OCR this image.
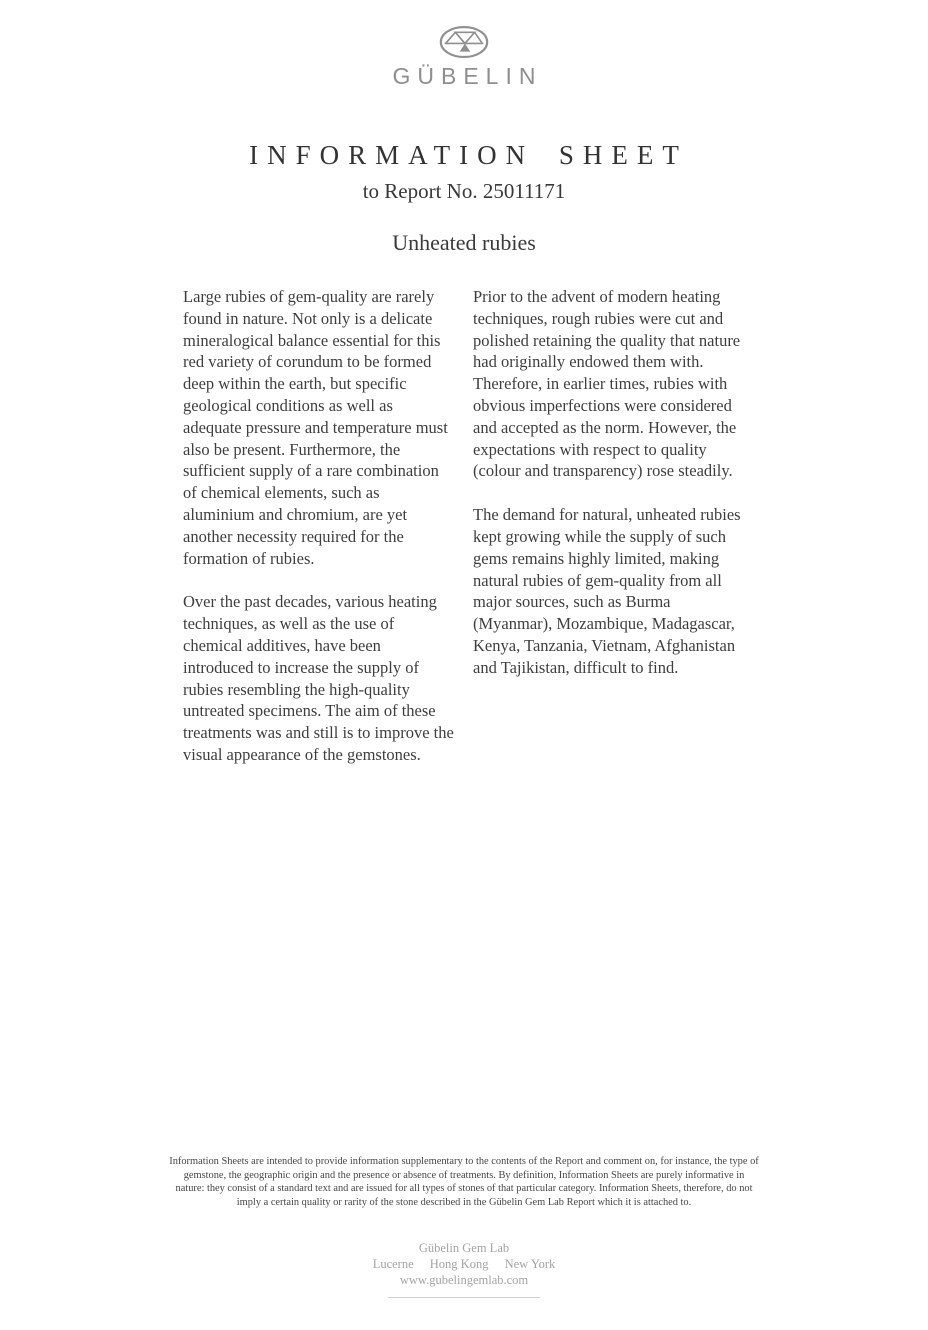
GÜBELIN
INFORMATION SHEET
to Report No. 25011171
Unheated rubies

Large rubies of gem-quality are rarely found in nature. Not only is a delicate mineralogical balance essential for this red variety of corundum to be formed deep within the earth, but specific geological conditions as well as adequate pressure and temperature must also be present. Furthermore, the sufficient supply of a rare combination of chemical elements, such as aluminium and chromium, are yet another necessity required for the formation of rubies.

Over the past decades, various heating techniques, as well as the use of chemical additives, have been introduced to increase the supply of rubies resembling the high-quality untreated specimens. The aim of these treatments was and still is to improve the visual appearance of the gemstones.

Prior to the advent of modern heating techniques, rough rubies were cut and polished retaining the quality that nature had originally endowed them with. Therefore, in earlier times, rubies with obvious imperfections were considered and accepted as the norm. However, the expectations with respect to quality (colour and transparency) rose steadily.

The demand for natural, unheated rubies kept growing while the supply of such gems remains highly limited, making natural rubies of gem-quality from all major sources, such as Burma (Myanmar), Mozambique, Madagascar, Kenya, Tanzania, Vietnam, Afghanistan and Tajikistan, difficult to find.

Information Sheets are intended to provide information supplementary to the contents of the Report and comment on, for instance, the type of gemstone, the geographic origin and the presence or absence of treatments. By definition, Information Sheets are purely informative in nature: they consist of a standard text and are issued for all types of stones of that particular category. Information Sheets, therefore, do not imply a certain quality or rarity of the stone described in the Gübelin Gem Lab Report which it is attached to.
Gübelin Gem Lab
Lucerne Hong Kong New York
www.gubelingemlab.com
